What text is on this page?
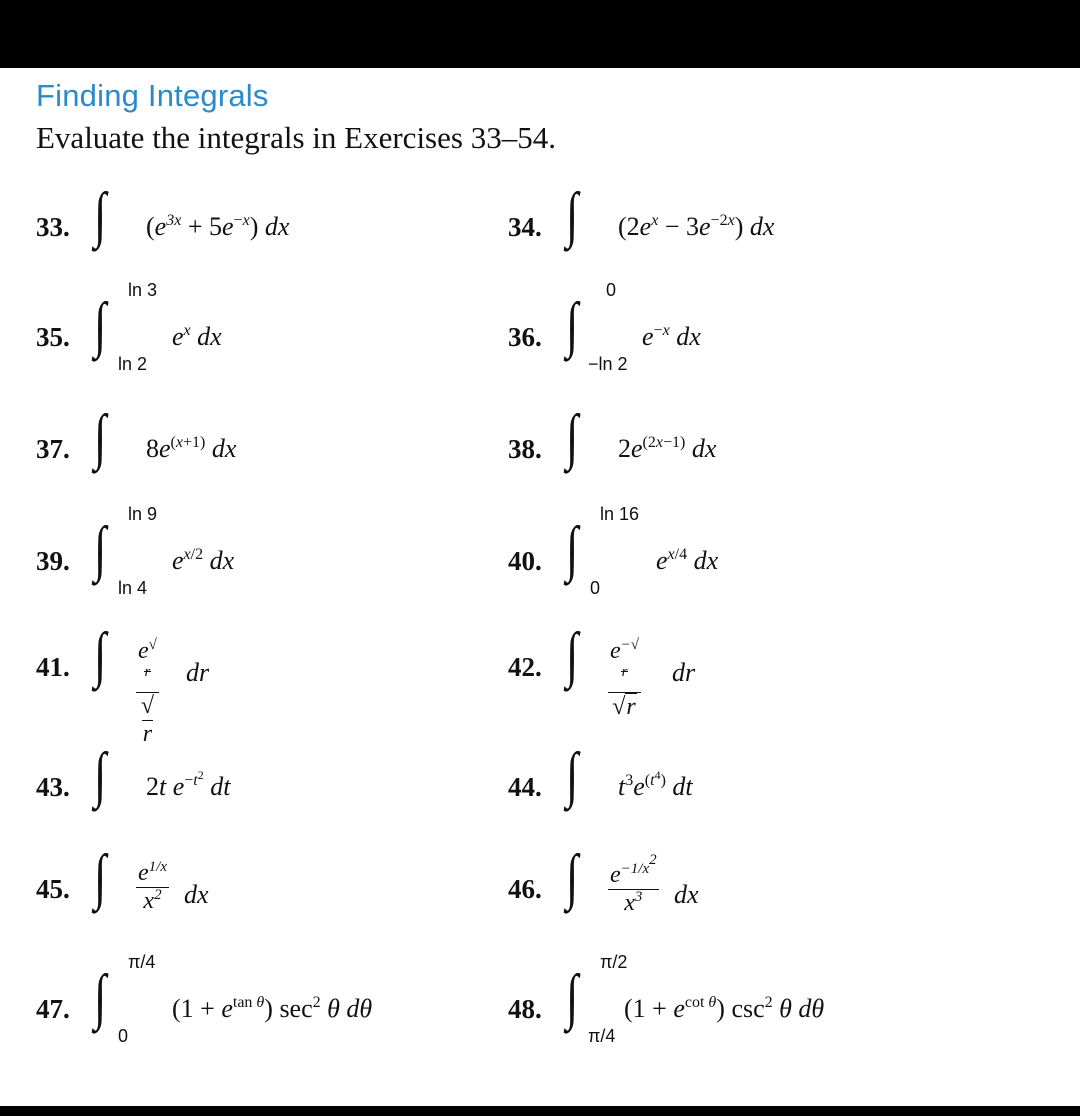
Finding Integrals
Evaluate the integrals in Exercises 33–54.
33. ∫ $(e^{3x} + 5e^{-x})$ dx	34. ∫ $(2e^x - 3e^{-2x})$ dx
35. ∫
ln 3
ln 2
$e^x$ dx	36. ∫
0
−ln 2
$e^{-x}$ dx
37. ∫ $8e^{(x+1)}$ dx	38. ∫ $2e^{(2x-1)}$ dx
39. ∫
ln 9
ln 4
$e^{x/2}$ dx	40. ∫
ln 16
0
$e^{x/4}$ dx
41. ∫ $\frac{e^{√r}}{√r}$ dr	42. ∫ $\frac{e^{-√r}}{√r}$ dr
43. ∫ 2t $e^{-t^2}$ dt	44. ∫ $t^3e^{(t^4)}$ dt
45. ∫ $\frac{e^{1/x}}{x^2}$ dx	46. ∫ $\frac{e^{-1/x^2}}{x^3}$ dx
47. ∫
π/4
0
$(1 + e^{tan \theta})$ $\sec^2 \theta$ dθ	48. ∫
π/2
π/4
$(1 + e^{cot \theta})$ $\csc^2 \theta$ dθ
